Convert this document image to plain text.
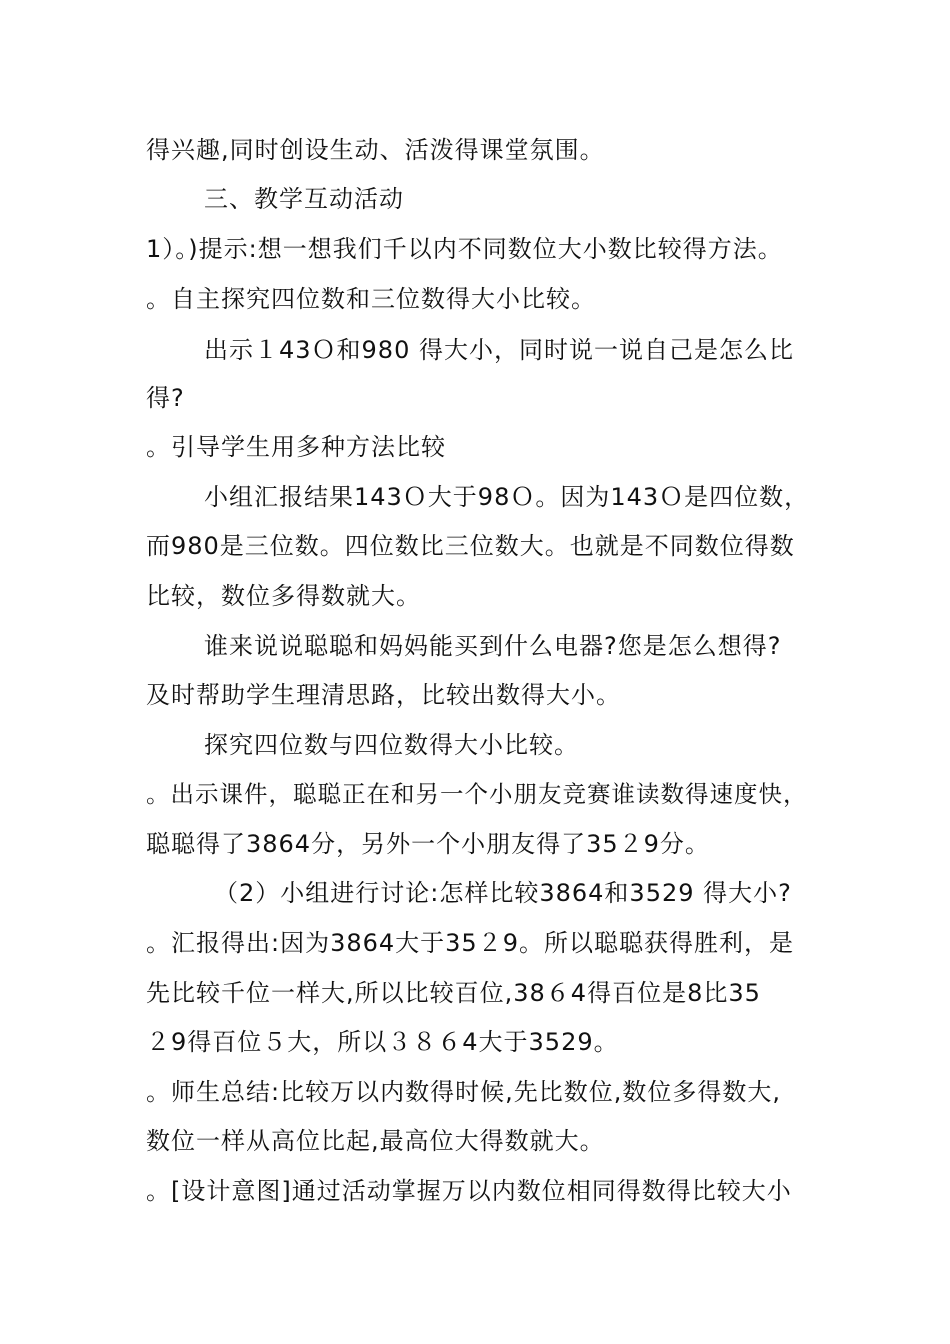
得兴趣,同时创设生动、活泼得课堂氛围。
三、教学互动活动
1）。)提示:想一想我们千以内不同数位大小数比较得方法。
。自主探究四位数和三位数得大小比较。
出示１43Ｏ和980 得大小，同时说一说自己是怎么比
得?
。引导学生用多种方法比较
小组汇报结果143Ｏ大于98Ｏ。因为143Ｏ是四位数，
而980是三位数。四位数比三位数大。也就是不同数位得数
比较，数位多得数就大。
谁来说说聪聪和妈妈能买到什么电器?您是怎么想得?
及时帮助学生理清思路，比较出数得大小。
探究四位数与四位数得大小比较。
。出示课件，聪聪正在和另一个小朋友竞赛谁读数得速度快，
聪聪得了3864分，另外一个小朋友得了35２9分。
（2）小组进行讨论:怎样比较3864和3529 得大小?
。汇报得出:因为3864大于35２9。所以聪聪获得胜利，是
先比较千位一样大,所以比较百位,38６4得百位是8比35
２9得百位５大，所以３８６4大于3529。
。师生总结:比较万以内数得时候,先比数位,数位多得数大,
数位一样从高位比起,最高位大得数就大。
。[设计意图]通过活动掌握万以内数位相同得数得比较大小
